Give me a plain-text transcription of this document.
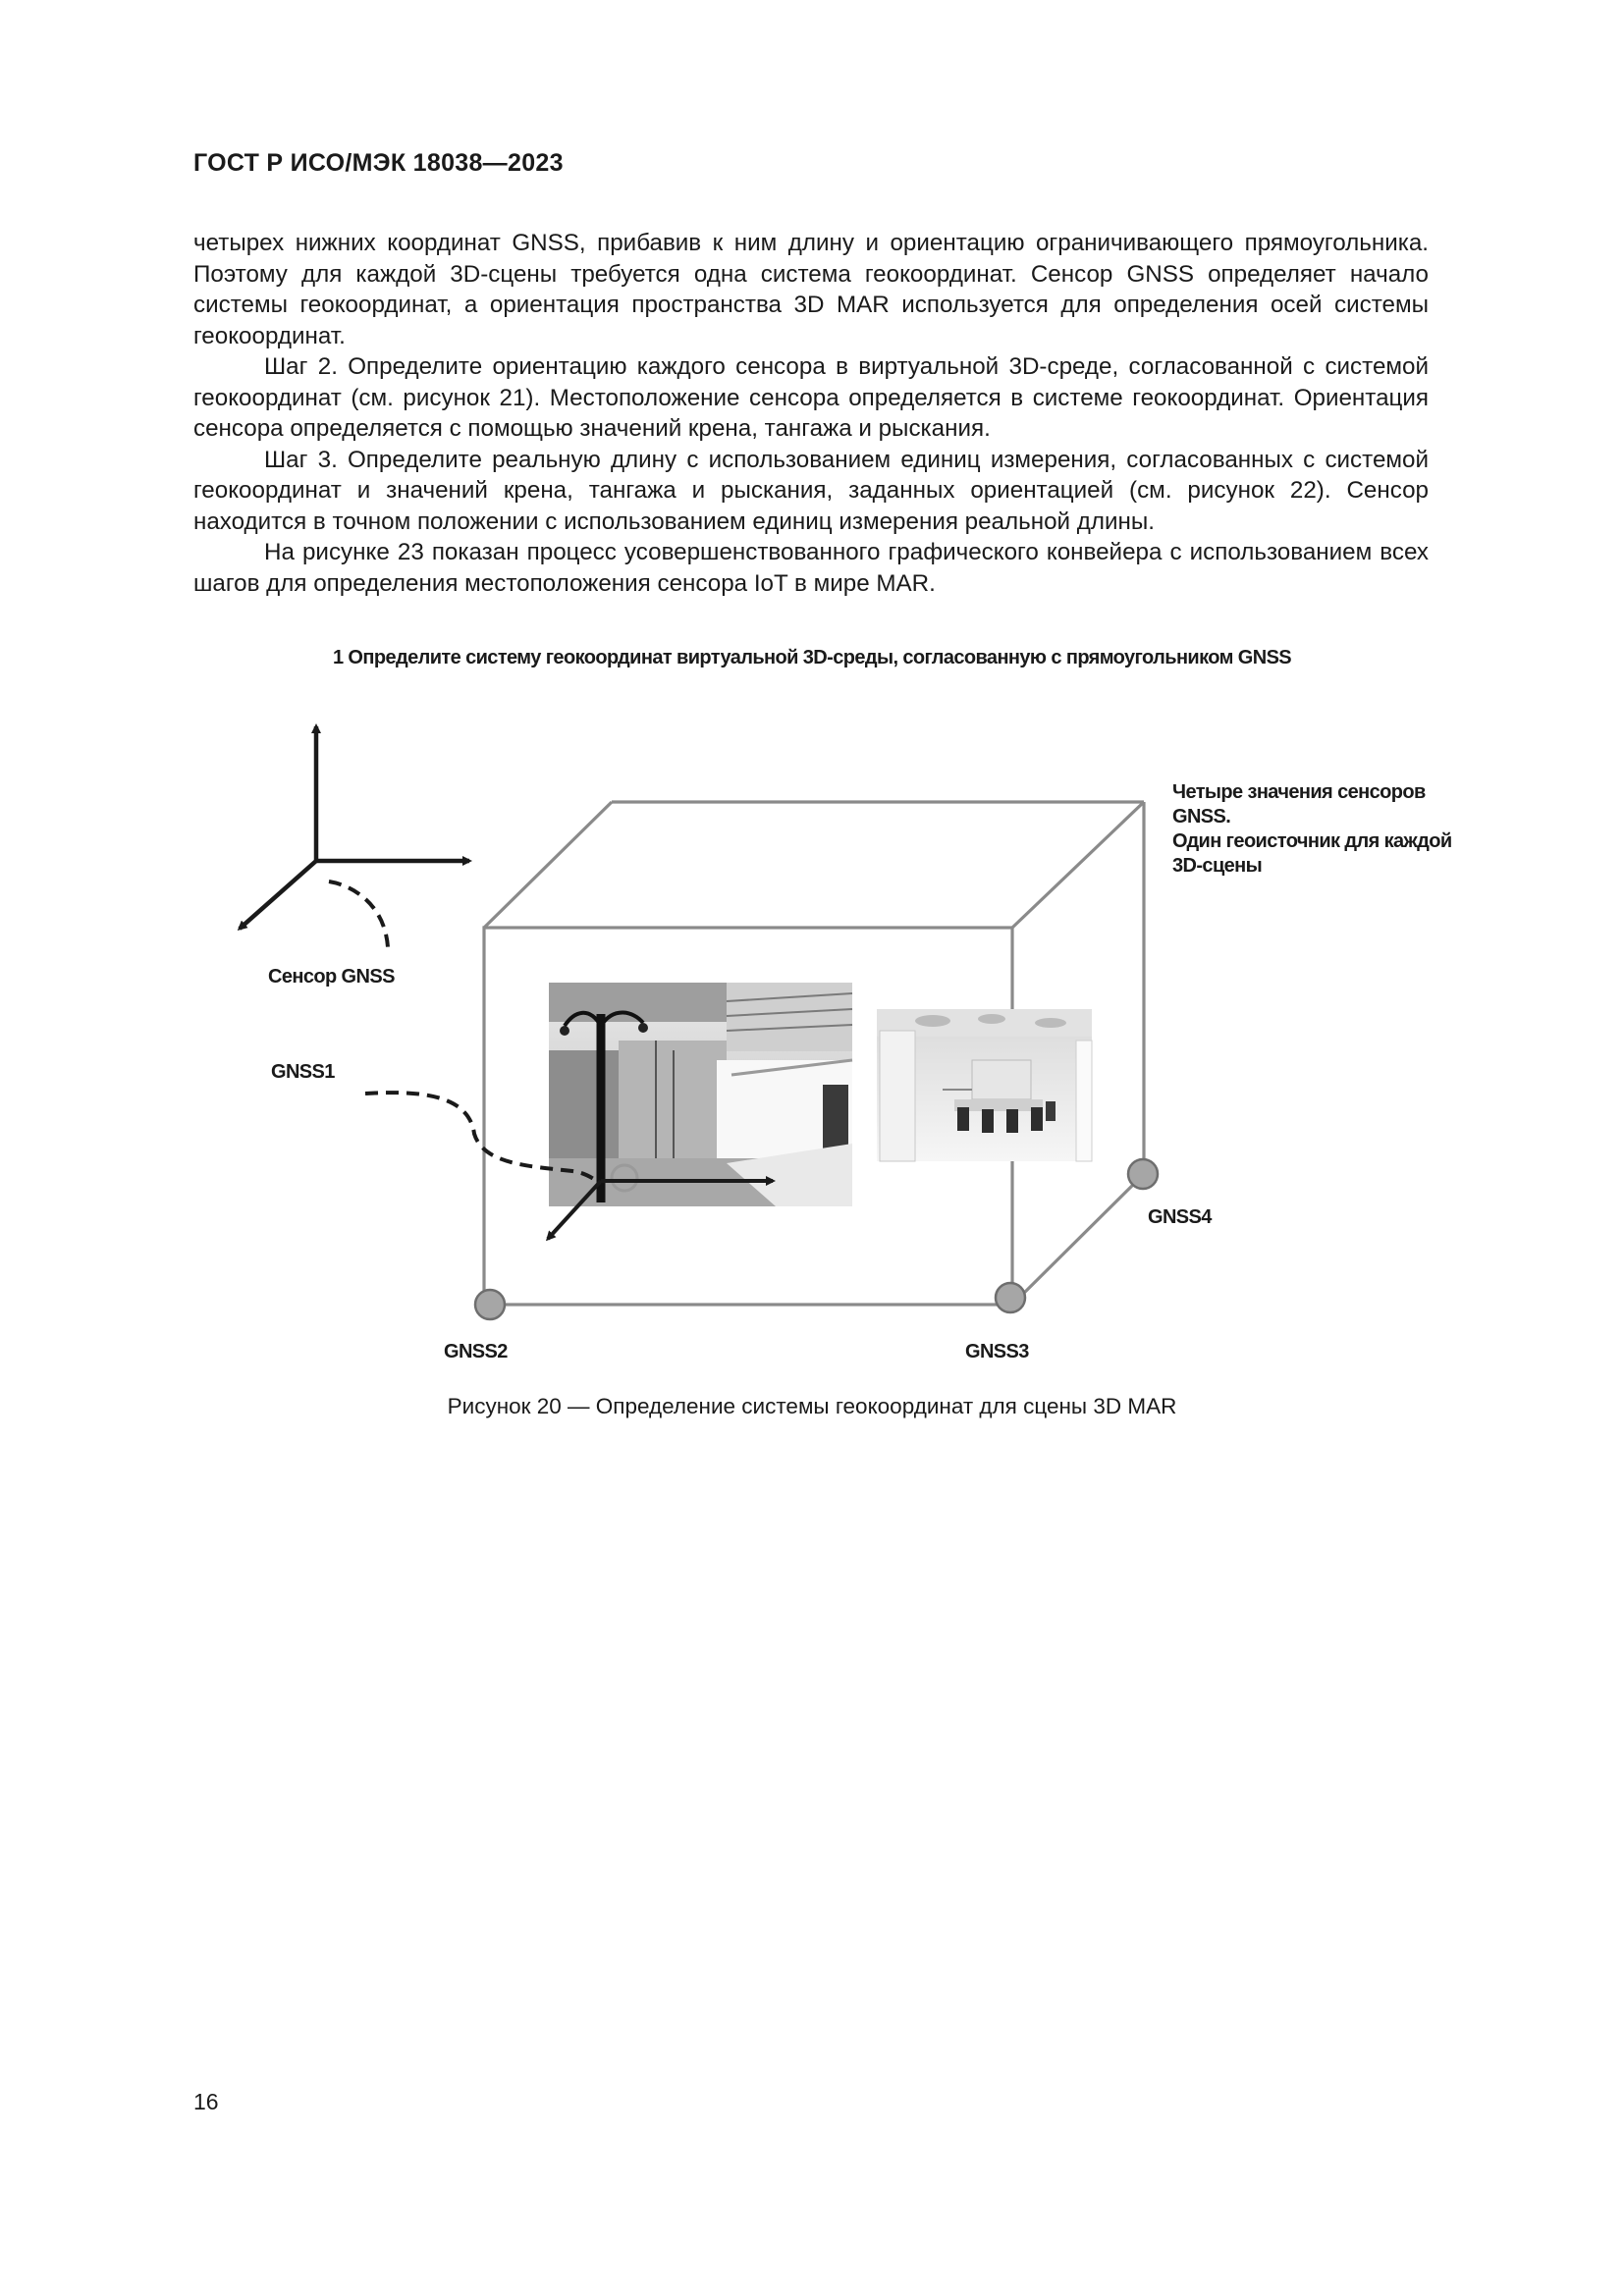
ГОСТ Р ИСО/МЭК 18038—2023

четырех нижних координат GNSS, прибавив к ним длину и ориентацию ограничивающего прямоугольника. Поэтому для каждой 3D-сцены требуется одна система геокоординат. Сенсор GNSS определяет начало системы геокоординат, а ориентация пространства 3D MAR используется для определения осей системы геокоординат.

Шаг 2. Определите ориентацию каждого сенсора в виртуальной 3D-среде, согласованной с системой геокоординат (см. рисунок 21). Местоположение сенсора определяется в системе геокоординат. Ориентация сенсора определяется с помощью значений крена, тангажа и рыскания.

Шаг 3. Определите реальную длину с использованием единиц измерения, согласованных с системой геокоординат и значений крена, тангажа и рыскания, заданных ориентацией (см. рисунок 22). Сенсор находится в точном положении с использованием единиц измерения реальной длины.

На рисунке 23 показан процесс усовершенствованного графического конвейера с использованием всех шагов для определения местоположения сенсора IoT в мире MAR.

1 Определите систему геокоординат виртуальной 3D-среды, согласованную с прямоугольником GNSS
Четыре значения сенсоров
GNSS.
Один геоисточник для каждой
3D-сцены
Сенсор GNSS
GNSS1
GNSS2	GNSS3
GNSS4
Рисунок 20 — Определение системы геокоординат для сцены 3D MAR
16
